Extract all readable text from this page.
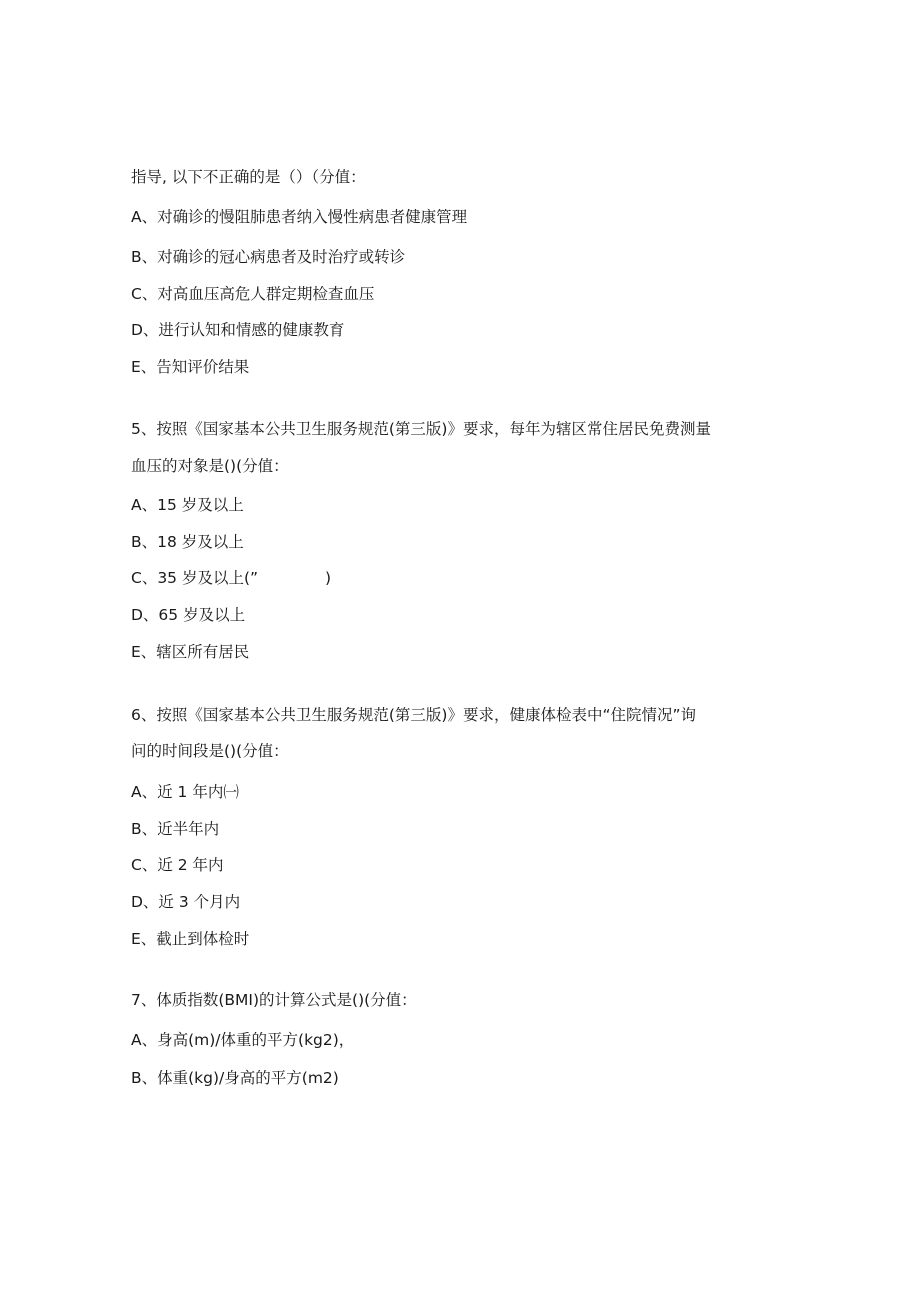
指导, 以下不正确的是（）（分值：
A、对确诊的慢阻肺患者纳入慢性病患者健康管理
B、对确诊的冠心病患者及时治疗或转诊
C、对高血压高危人群定期检查血压
D、进行认知和情感的健康教育
E、告知评价结果
5、按照《国家基本公共卫生服务规范(第三版)》要求，每年为辖区常住居民免费测量
血压的对象是()(分值：
A、15 岁及以上
B、18 岁及以上
C、35 岁及以上(”　　　　 )
D、65 岁及以上
E、辖区所有居民
6、按照《国家基本公共卫生服务规范(第三版)》要求，健康体检表中“住院情况”询
问的时间段是()(分值：
A、近 1 年内㈠
B、近半年内
C、近 2 年内
D、近 3 个月内
E、截止到体检时
7、体质指数(BMI)的计算公式是()(分值：
A、身高(m)/体重的平方(kg2)，
B、体重(kg)/身高的平方(m2)
